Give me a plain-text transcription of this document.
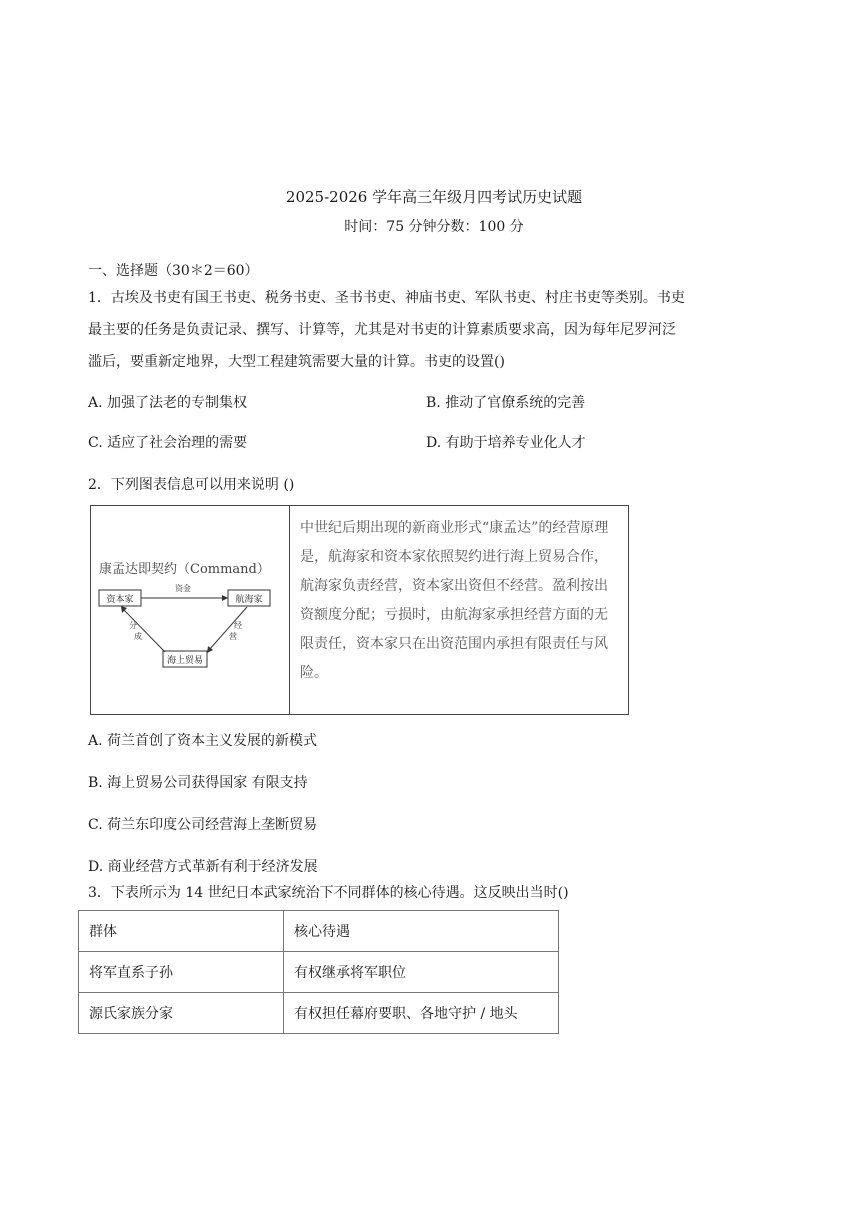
2025-2026 学年高三年级月四考试历史试题
时间：75 分钟分数：100 分
一、选择题（30＊2＝60）
1．古埃及书吏有国王书吏、税务书吏、圣书书吏、神庙书吏、军队书吏、村庄书吏等类别。书吏
最主要的任务是负责记录、撰写、计算等，尤其是对书吏的计算素质要求高，因为每年尼罗河泛
滥后，要重新定地界，大型工程建筑需要大量的计算。书吏的设置()
A. 加强了法老的专制集权	B. 推动了官僚系统的完善
C. 适应了社会治理的需要	D. 有助于培养专业化人才
2．下列图表信息可以用来说明 ()
康孟达即契约（Command）
资本家	航海家
海上贸易
资金
分
成
经
营
	中世纪后期出现的新商业形式“康孟达”的经营原理是，航海家和资本家依照契约进行海上贸易合作，航海家负责经营，资本家出资但不经营。盈利按出资额度分配；亏损时，由航海家承担经营方面的无限责任，资本家只在出资范围内承担有限责任与风险。
A. 荷兰首创了资本主义发展的新模式
B. 海上贸易公司获得国家 有限支持
C. 荷兰东印度公司经营海上垄断贸易
D. 商业经营方式革新有利于经济发展
3．下表所示为 14 世纪日本武家统治下不同群体的核心待遇。这反映出当时()
群体	核心待遇
将军直系子孙	有权继承将军职位
源氏家族分家	有权担任幕府要职、各地守护 / 地头
